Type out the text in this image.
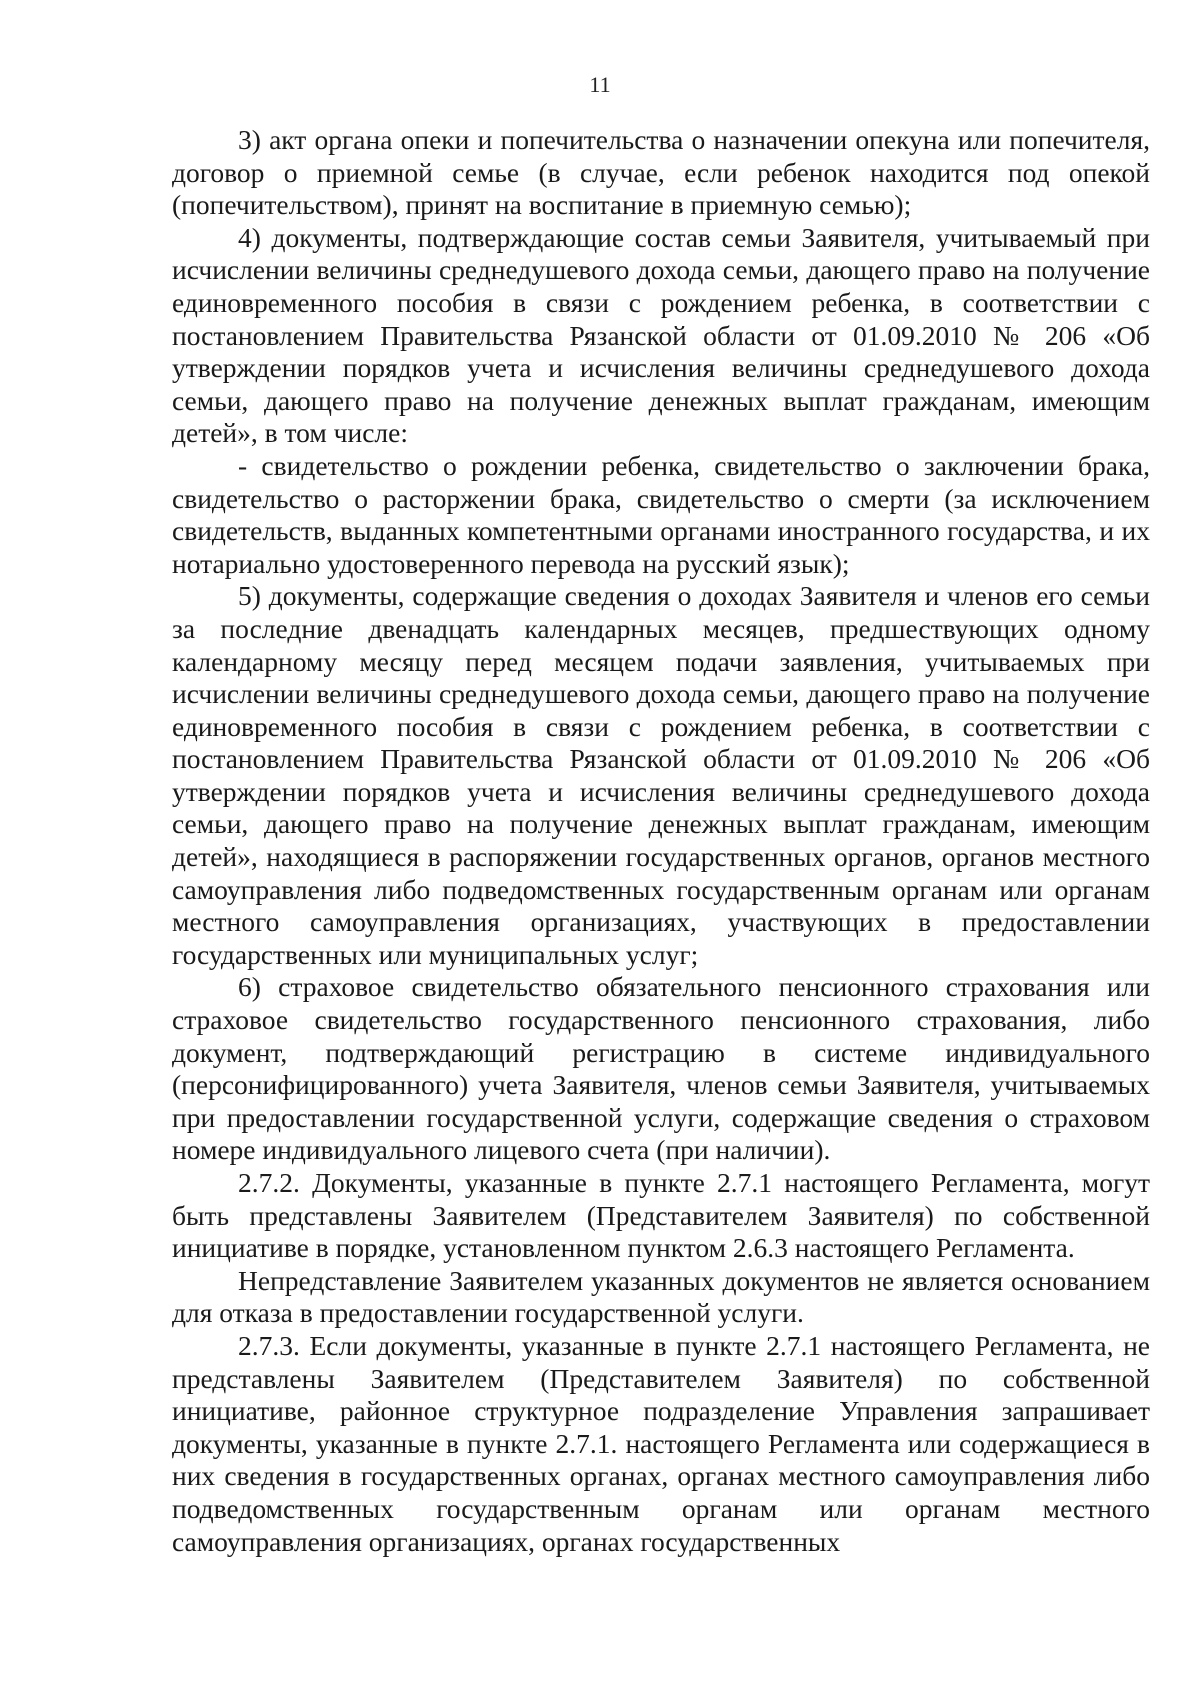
11

3) акт органа опеки и попечительства о назначении опекуна или попечителя, договор о приемной семье (в случае, если ребенок находится под опекой (попечительством), принят на воспитание в приемную семью);

4) документы, подтверждающие состав семьи Заявителя, учитываемый при исчислении величины среднедушевого дохода семьи, дающего право на получение единовременного пособия в связи с рождением ребенка, в соответствии с постановлением Правительства Рязанской области от 01.09.2010 № 206 «Об утверждении порядков учета и исчисления величины среднедушевого дохода семьи, дающего право на получение денежных выплат гражданам, имеющим детей», в том числе:

- свидетельство о рождении ребенка, свидетельство о заключении брака, свидетельство о расторжении брака, свидетельство о смерти (за исключением свидетельств, выданных компетентными органами иностранного государства, и их нотариально удостоверенного перевода на русский язык);

5) документы, содержащие сведения о доходах Заявителя и членов его семьи за последние двенадцать календарных месяцев, предшествующих одному календарному месяцу перед месяцем подачи заявления, учитываемых при исчислении величины среднедушевого дохода семьи, дающего право на получение единовременного пособия в связи с рождением ребенка, в соответствии с постановлением Правительства Рязанской области от 01.09.2010 № 206 «Об утверждении порядков учета и исчисления величины среднедушевого дохода семьи, дающего право на получение денежных выплат гражданам, имеющим детей», находящиеся в распоряжении государственных органов, органов местного самоуправления либо подведомственных государственным органам или органам местного самоуправления организациях, участвующих в предоставлении государственных или муниципальных услуг;

6) страховое свидетельство обязательного пенсионного страхования или страховое свидетельство государственного пенсионного страхования, либо документ, подтверждающий регистрацию в системе индивидуального (персонифицированного) учета Заявителя, членов семьи Заявителя, учитываемых при предоставлении государственной услуги, содержащие сведения о страховом номере индивидуального лицевого счета (при наличии).

2.7.2. Документы, указанные в пункте 2.7.1 настоящего Регламента, могут быть представлены Заявителем (Представителем Заявителя) по собственной инициативе в порядке, установленном пунктом 2.6.3 настоящего Регламента.

Непредставление Заявителем указанных документов не является основанием для отказа в предоставлении государственной услуги.

2.7.3. Если документы, указанные в пункте 2.7.1 настоящего Регламента, не представлены Заявителем (Представителем Заявителя) по собственной инициативе, районное структурное подразделение Управления запрашивает документы, указанные в пункте 2.7.1. настоящего Регламента или содержащиеся в них сведения в государственных органах, органах местного самоуправления либо подведомственных государственным органам или органам местного самоуправления организациях, органах государственных
